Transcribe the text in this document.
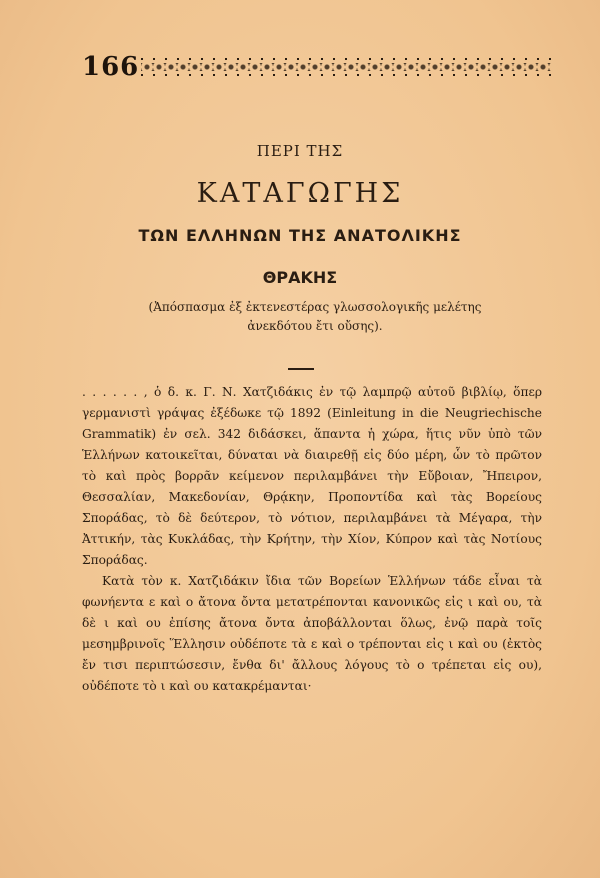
166
ΠΕΡΙ ΤΗΣ
ΚΑΤΑΓΩΓΗΣ
ΤΩΝ ΕΛΛΗΝΩΝ ΤΗΣ ΑΝΑΤΟΛΙΚΗΣ
ΘΡΑΚΗΣ
(Ἀπόσπασμα ἐξ ἐκτενεστέρας γλωσσολογικῆς μελέτης ἀνεκδότου ἔτι οὔσης).

. . . . . . , ὁ δ. κ. Γ. Ν. Χατζιδάκις ἐν τῷ λαμπρῷ αὐτοῦ βιβλίῳ, ὅπερ γερμανιστὶ γράψας ἐξέδωκε τῷ 1892 (Einleitung in die Neugriechische Grammatik) ἐν σελ. 342 διδάσκει, ἅπαντα ἡ χώρα, ἥτις νῦν ὑπὸ τῶν Ἑλλήνων κατοικεῖται, δύναται νὰ διαιρεθῇ εἰς δύο μέρη, ὧν τὸ πρῶτον τὸ καὶ πρὸς βορρᾶν κείμενον περιλαμβάνει τὴν Εὔβοιαν, Ἤπειρον, Θεσσαλίαν, Μακεδονίαν, Θρᾴκην, Προποντίδα καὶ τὰς Βορείους Σποράδας, τὸ δὲ δεύτερον, τὸ νότιον, περιλαμβάνει τὰ Μέγαρα, τὴν Ἀττικήν, τὰς Κυκλάδας, τὴν Κρήτην, τὴν Χίον, Κύπρον καὶ τὰς Νοτίους Σποράδας.

Κατὰ τὸν κ. Χατζιδάκιν ἴδια τῶν Βορείων Ἑλλήνων τάδε εἶναι τὰ φωνήεντα ε καὶ ο ἄτονα ὄντα μετατρέπονται κανονικῶς εἰς ι καὶ ου, τὰ δὲ ι καὶ ου ἐπίσης ἄτονα ὄντα ἀποβάλλονται ὅλως, ἐνῷ παρὰ τοῖς μεσημβρινοῖς Ἕλλησιν οὐδέποτε τὰ ε καὶ ο τρέπονται εἰς ι καὶ ου (ἐκτὸς ἔν τισι περιπτώσεσιν, ἔνθα δι' ἄλλους λόγους τὸ ο τρέπεται εἰς ου), οὐδέποτε τὸ ι καὶ ου κατακρέμανται·
